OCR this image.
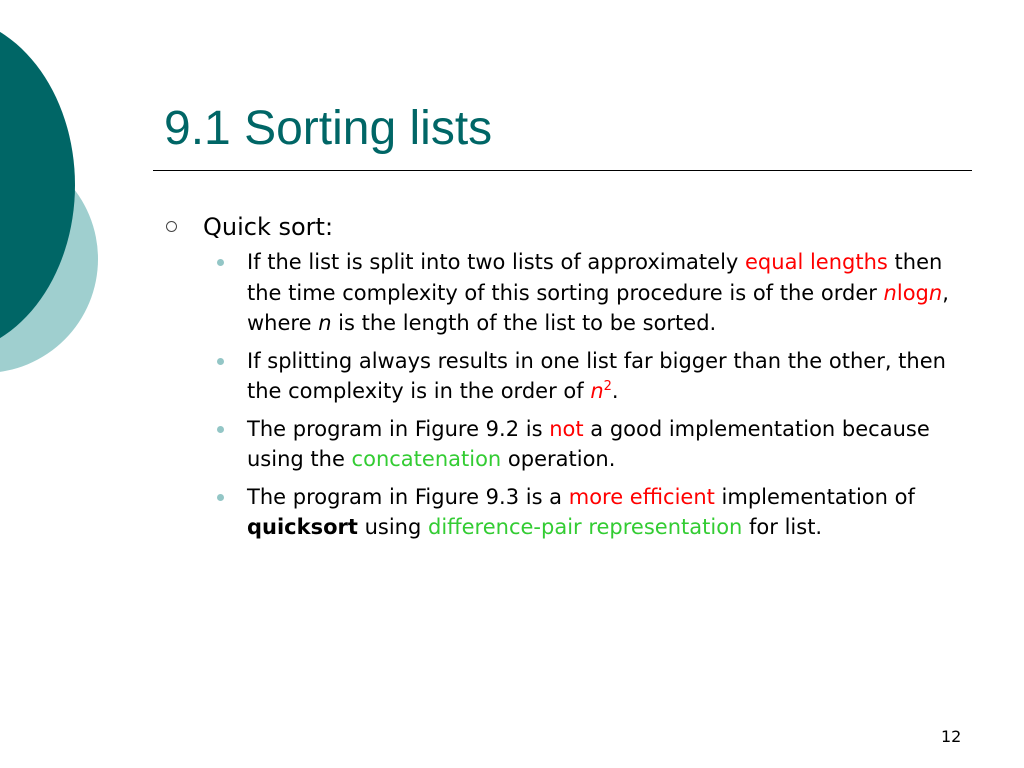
9.1 Sorting lists
Quick sort:
If the list is split into two lists of approximately equal lengths then the time complexity of this sorting procedure is of the order nlogn, where n is the length of the list to be sorted.
If splitting always results in one list far bigger than the other, then the complexity is in the order of $n^2$.
The program in Figure 9.2 is not a good implementation because using the concatenation operation.
The program in Figure 9.3 is a more efficient implementation of quicksort using difference-pair representation for list.
12
